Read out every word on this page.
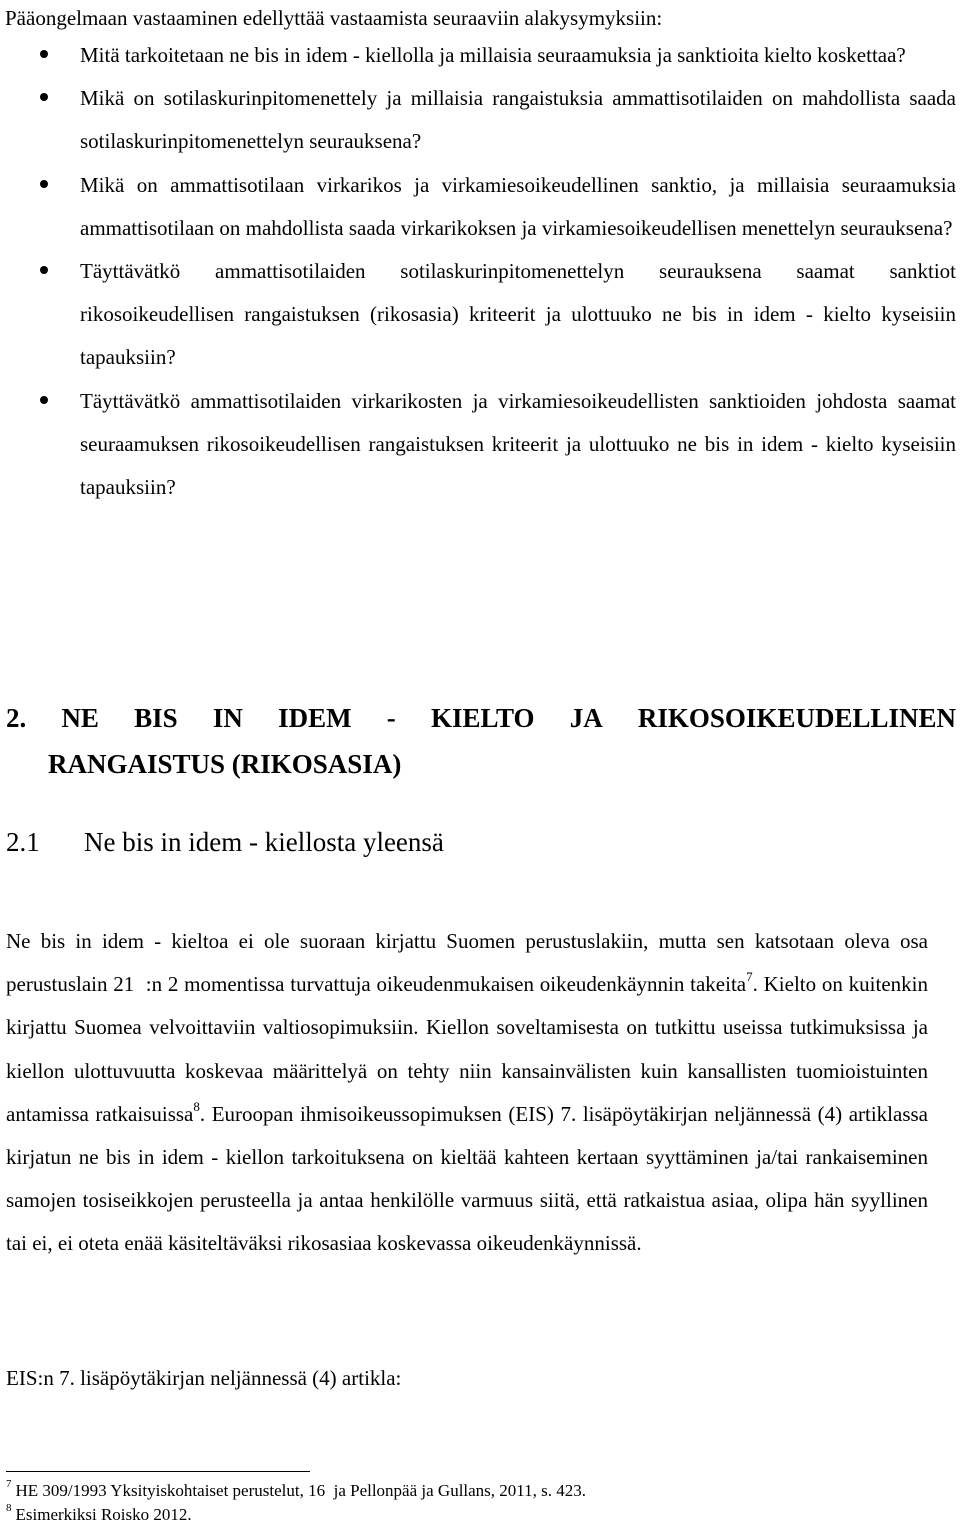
Pääongelmaan vastaaminen edellyttää vastaamista seuraaviin alakysymyksiin:
Mitä tarkoitetaan ne bis in idem - kiellolla ja millaisia seuraamuksia ja sanktioita kielto koskettaa?
Mikä on sotilaskurinpitomenettely ja millaisia rangaistuksia ammattisotilaiden on mahdollista saada sotilaskurinpitomenettelyn seurauksena?
Mikä on ammattisotilaan virkarikos ja virkamiesoikeudellinen sanktio, ja millaisia seuraamuksia ammattisotilaan on mahdollista saada virkarikoksen ja virkamiesoikeudellisen menettelyn seurauksena?
Täyttävätkö ammattisotilaiden sotilaskurinpitomenettelyn seurauksena saamat sanktiot rikosoikeudellisen rangaistuksen (rikosasia) kriteerit ja ulottuuko ne bis in idem - kielto kyseisiin tapauksiin?
Täyttävätkö ammattisotilaiden virkarikosten ja virkamiesoikeudellisten sanktioiden johdosta saamat seuraamuksen rikosoikeudellisen rangaistuksen kriteerit ja ulottuuko ne bis in idem - kielto kyseisiin tapauksiin?
2. NE BIS IN IDEM - KIELTO JA RIKOSOIKEUDELLINEN
RANGAISTUS (RIKOSASIA)
2.1 Ne bis in idem - kiellosta yleensä
Ne bis in idem - kieltoa ei ole suoraan kirjattu Suomen perustuslakiin, mutta sen katsotaan oleva osa perustuslain 21  :n 2 momentissa turvattuja oikeudenmukaisen oikeudenkäynnin takeita$^7$. Kielto on kuitenkin kirjattu Suomea velvoittaviin valtiosopimuksiin. Kiellon soveltamisesta on tutkittu useissa tutkimuksissa ja kiellon ulottuvuutta koskevaa määrittelyä on tehty niin kansainvälisten kuin kansallisten tuomioistuinten antamissa ratkaisuissa$^8$. Euroopan ihmisoikeussopimuksen (EIS) 7. lisäpöytäkirjan neljännessä (4) artiklassa kirjatun ne bis in idem - kiellon tarkoituksena on kieltää kahteen kertaan syyttäminen ja/tai rankaiseminen samojen tosiseikkojen perusteella ja antaa henkilölle varmuus siitä, että ratkaistua asiaa, olipa hän syyllinen tai ei, ei oteta enää käsiteltäväksi rikosasiaa koskevassa oikeudenkäynnissä.
EIS:n 7. lisäpöytäkirjan neljännessä (4) artikla:
$^7$ HE 309/1993 Yksityiskohtaiset perustelut, 16  ja Pellonpää ja Gullans, 2011, s. 423.
$^8$ Esimerkiksi Roisko 2012.
